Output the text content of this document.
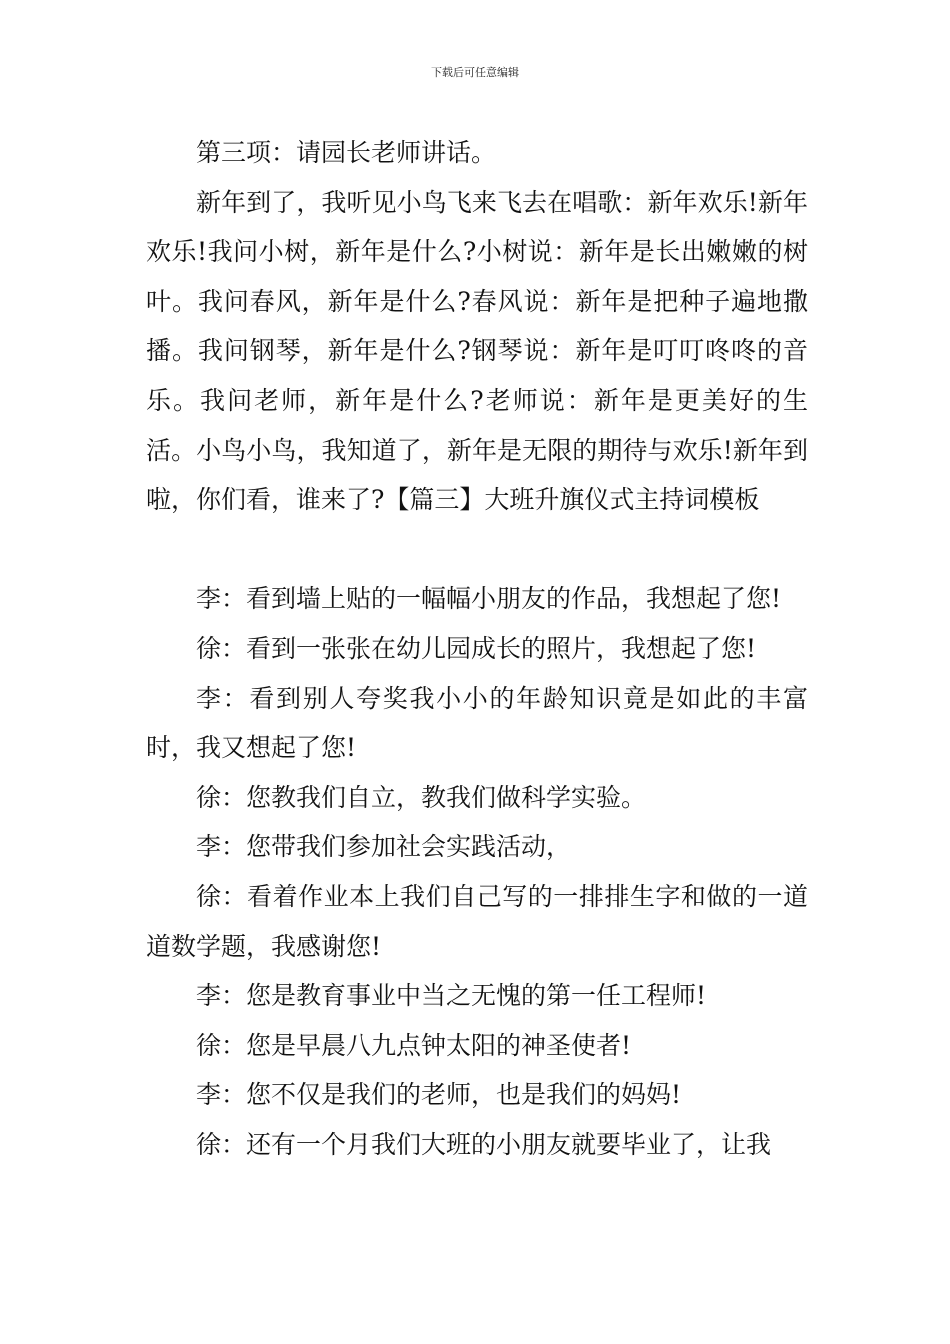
下载后可任意编辑

第三项：请园长老师讲话。

新年到了，我听见小鸟飞来飞去在唱歌：新年欢乐!新年欢乐!我问小树，新年是什么?小树说：新年是长出嫩嫩的树叶。我问春风，新年是什么?春风说：新年是把种子遍地撒播。我问钢琴，新年是什么?钢琴说：新年是叮叮咚咚的音乐。我问老师，新年是什么?老师说：新年是更美好的生活。小鸟小鸟，我知道了，新年是无限的期待与欢乐!新年到啦，你们看，谁来了?【篇三】大班升旗仪式主持词模板

李：看到墙上贴的一幅幅小朋友的作品，我想起了您!

徐：看到一张张在幼儿园成长的照片，我想起了您!

李：看到别人夸奖我小小的年龄知识竟是如此的丰富时，我又想起了您!

徐：您教我们自立，教我们做科学实验。

李：您带我们参加社会实践活动，

徐：看着作业本上我们自己写的一排排生字和做的一道道数学题，我感谢您!

李：您是教育事业中当之无愧的第一任工程师!

徐：您是早晨八九点钟太阳的神圣使者!

李：您不仅是我们的老师，也是我们的妈妈!

徐：还有一个月我们大班的小朋友就要毕业了，让我
